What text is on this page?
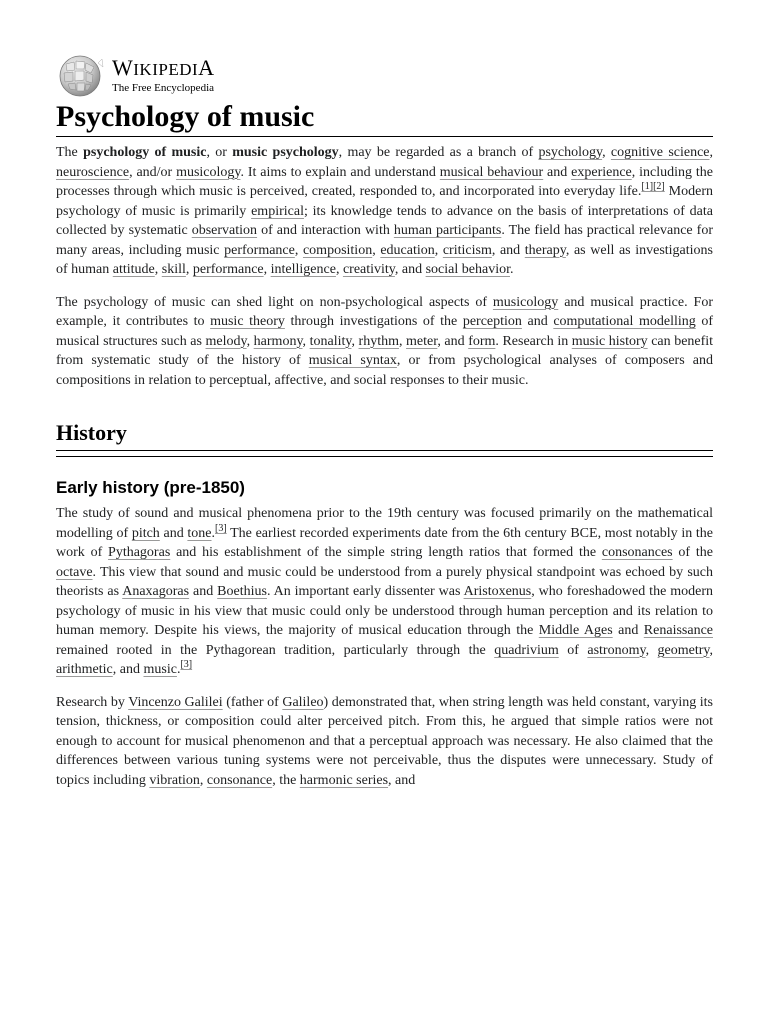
WIKIPEDIA
The Free Encyclopedia
Psychology of music

The psychology of music, or music psychology, may be regarded as a branch of psychology, cognitive science, neuroscience, and/or musicology. It aims to explain and understand musical behaviour and experience, including the processes through which music is perceived, created, responded to, and incorporated into everyday life.[1][2] Modern psychology of music is primarily empirical; its knowledge tends to advance on the basis of interpretations of data collected by systematic observation of and interaction with human participants. The field has practical relevance for many areas, including music performance, composition, education, criticism, and therapy, as well as investigations of human attitude, skill, performance, intelligence, creativity, and social behavior.

The psychology of music can shed light on non-psychological aspects of musicology and musical practice. For example, it contributes to music theory through investigations of the perception and computational modelling of musical structures such as melody, harmony, tonality, rhythm, meter, and form. Research in music history can benefit from systematic study of the history of musical syntax, or from psychological analyses of composers and compositions in relation to perceptual, affective, and social responses to their music.

History
Early history (pre-1850)

The study of sound and musical phenomena prior to the 19th century was focused primarily on the mathematical modelling of pitch and tone.[3] The earliest recorded experiments date from the 6th century BCE, most notably in the work of Pythagoras and his establishment of the simple string length ratios that formed the consonances of the octave. This view that sound and music could be understood from a purely physical standpoint was echoed by such theorists as Anaxagoras and Boethius. An important early dissenter was Aristoxenus, who foreshadowed the modern psychology of music in his view that music could only be understood through human perception and its relation to human memory. Despite his views, the majority of musical education through the Middle Ages and Renaissance remained rooted in the Pythagorean tradition, particularly through the quadrivium of astronomy, geometry, arithmetic, and music.[3]

Research by Vincenzo Galilei (father of Galileo) demonstrated that, when string length was held constant, varying its tension, thickness, or composition could alter perceived pitch. From this, he argued that simple ratios were not enough to account for musical phenomenon and that a perceptual approach was necessary. He also claimed that the differences between various tuning systems were not perceivable, thus the disputes were unnecessary. Study of topics including vibration, consonance, the harmonic series, and
